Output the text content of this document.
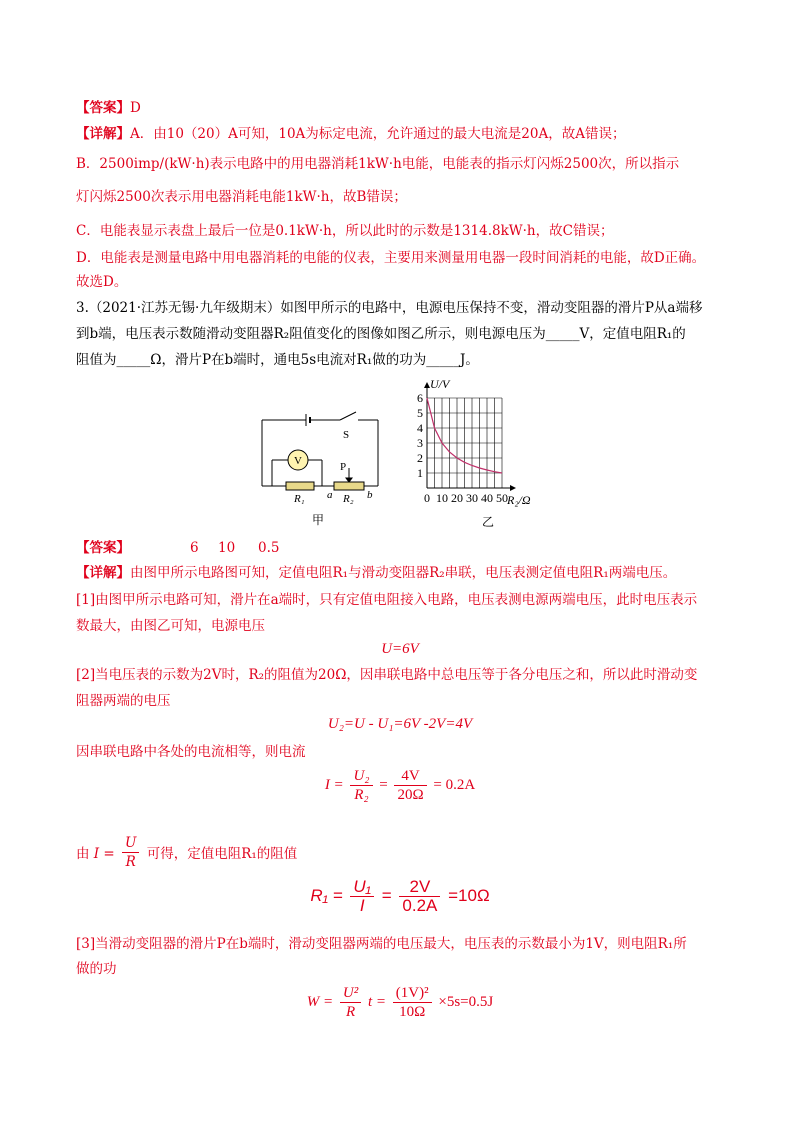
【答案】D
【详解】A．由10（20）A可知，10A为标定电流，允许通过的最大电流是20A，故A错误；
B．2500imp/(kW·h)表示电路中的用电器消耗1kW·h电能，电能表的指示灯闪烁2500次，所以指示
灯闪烁2500次表示用电器消耗电能1kW·h，故B错误；
C．电能表显示表盘上最后一位是0.1kW·h，所以此时的示数是1314.8kW·h，故C错误；
D．电能表是测量电路中用电器消耗的电能的仪表，主要用来测量用电器一段时间消耗的电能，故D正确。
故选D。
3.（2021·江苏无锡·九年级期末）如图甲所示的电路中，电源电压保持不变，滑动变阻器的滑片P从a端移
到b端，电压表示数随滑动变阻器R₂阻值变化的图像如图乙所示，则电源电压为_____V，定值电阻R₁的
阻值为_____Ω，滑片P在b端时，通电5s电流对R₁做的功为_____J。
V
S
P
R₁ a R₂ b
甲
U/V
R₂/Ω
乙
0 10 20 30 40 50
1
2
3
4
5
6
【答案】	6 10 0.5
【详解】由图甲所示电路图可知，定值电阻R₁与滑动变阻器R₂串联，电压表测定值电阻R₁两端电压。
[1]由图甲所示电路可知，滑片在a端时，只有定值电阻接入电路，电压表测电源两端电压，此时电压表示
数最大，由图乙可知，电源电压
U=6V
[2]当电压表的示数为2V时，R₂的阻值为20Ω，因串联电路中总电压等于各分电压之和，所以此时滑动变
阻器两端的电压
U₂=U - U₁=6V -2V=4V
因串联电路中各处的电流相等，则电流
$I = \frac{\text{U₂}}{\text{R₂}} = \frac{4V}{20\Omega} = 0.2A$
由 $I = \frac{U}{R}$ 可得，定值电阻R₁的阻值
$R_1 = \frac{\text{U₁}}{I} = \frac{2V}{0.2A} =10\Omega$
[3]当滑动变阻器的滑片P在b端时，滑动变阻器两端的电压最大，电压表的示数最小为1V，则电阻R₁所
做的功
$W = \frac{\text{U²}}{R}$ $t = \frac{\text{(1V)²}}{10\Omega} \times 5s=0.5J$
